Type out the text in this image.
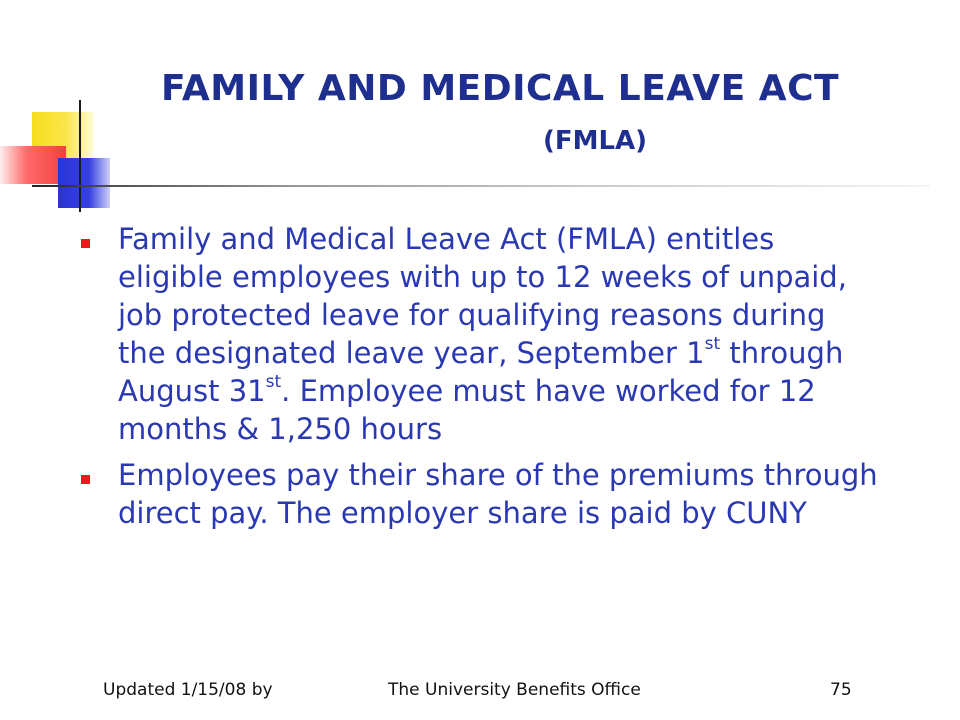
FAMILY AND MEDICAL LEAVE ACT
(FMLA)
Family and Medical Leave Act (FMLA) entitles eligible employees with up to 12 weeks of unpaid, job protected leave for qualifying reasons during the designated leave year, September 1st through August 31st. Employee must have worked for 12 months & 1,250 hours
Employees pay their share of the premiums through direct pay. The employer share is paid by CUNY
Updated 1/15/08 by	The University Benefits Office	75
